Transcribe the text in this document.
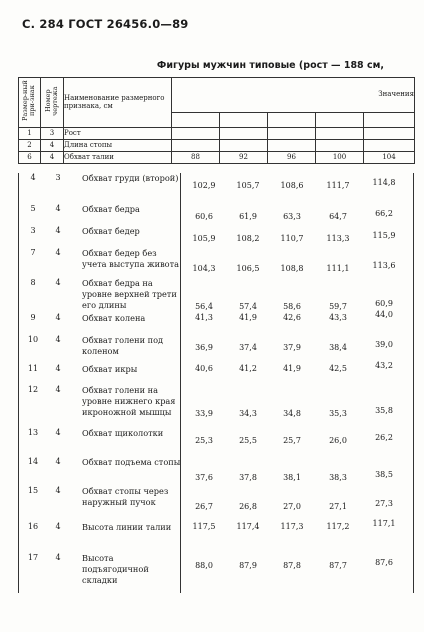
С. 284 ГОСТ 26456.0—89
Фигуры мужчин типовые (рост — 188 см,
Размер-ный при-знак	Номер чертежа	Наименование размерного признака, см	Значения				

1	3	Рост					
2	4	Длина стопы					
6	4	Обхват талии	88	92	96	100	104
4	3	Обхват груди (второй)
102,9	105,7	108,6	111,7	114,8
5	4	Обхват бедра
60,6	61,9	63,3	64,7	66,2
3	4	Обхват бедер
105,9	108,2	110,7	113,3	115,9
7	4	Обхват бедер без учета выступа живота	104,3	106,5	108,8	111,1	113,6
8	4	Обхват бедра на уровне верхней трети его длины	56,4	57,4	58,6	59,7	60,9
9	4	Обхват колена	41,3	41,9	42,6	43,3	44,0
10	4	Обхват голени под коленом	36,9	37,4	37,9	38,4	39,0
11	4	Обхват икры	40,6	41,2	41,9	42,5	43,2
12	4	Обхват голени на уровне нижнего края икроножной мышцы	33,9	34,3	34,8	35,3	35,8
13	4	Обхват щиколотки
25,3	25,5	25,7	26,0	26,2
14	4	Обхват подъема стопы
37,6	37,8	38,1	38,3	38,5
15	4	Обхват стопы через наружный пучок	26,7	26,8	27,0	27,1	27,3
16	4	Высота линии талии	117,5	117,4	117,3	117,2	117,1
17	4	Высота подъягодичной складки
88,0	87,9	87,8	87,7	87,6
